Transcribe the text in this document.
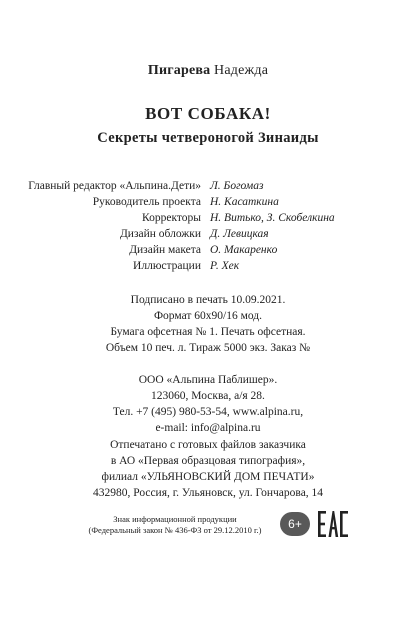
Пигарева Надежда
ВОТ СОБАКА!
Секреты четвероногой Зинаиды
Главный редактор «Альпина.Дети» Л. Богомаз
Руководитель проекта Н. Касаткина
Корректоры Н. Витько, З. Скобелкина
Дизайн обложки Д. Левицкая
Дизайн макета О. Макаренко
Иллюстрации Р. Хек
Подписано в печать 10.09.2021.
Формат 60х90/16 мод.
Бумага офсетная № 1. Печать офсетная.
Объем 10 печ. л. Тираж 5000 экз. Заказ №
ООО «Альпина Паблишер».
123060, Москва, а/я 28.
Тел. +7 (495) 980-53-54, www.alpina.ru,
e-mail: info@alpina.ru
Отпечатано с готовых файлов заказчика
в АО «Первая образцовая типография»,
филиал «УЛЬЯНОВСКИЙ ДОМ ПЕЧАТИ»
432980, Россия, г. Ульяновск, ул. Гончарова, 14
Знак информационной продукции
(Федеральный закон № 436-ФЗ от 29.12.2010 г.)	6+
